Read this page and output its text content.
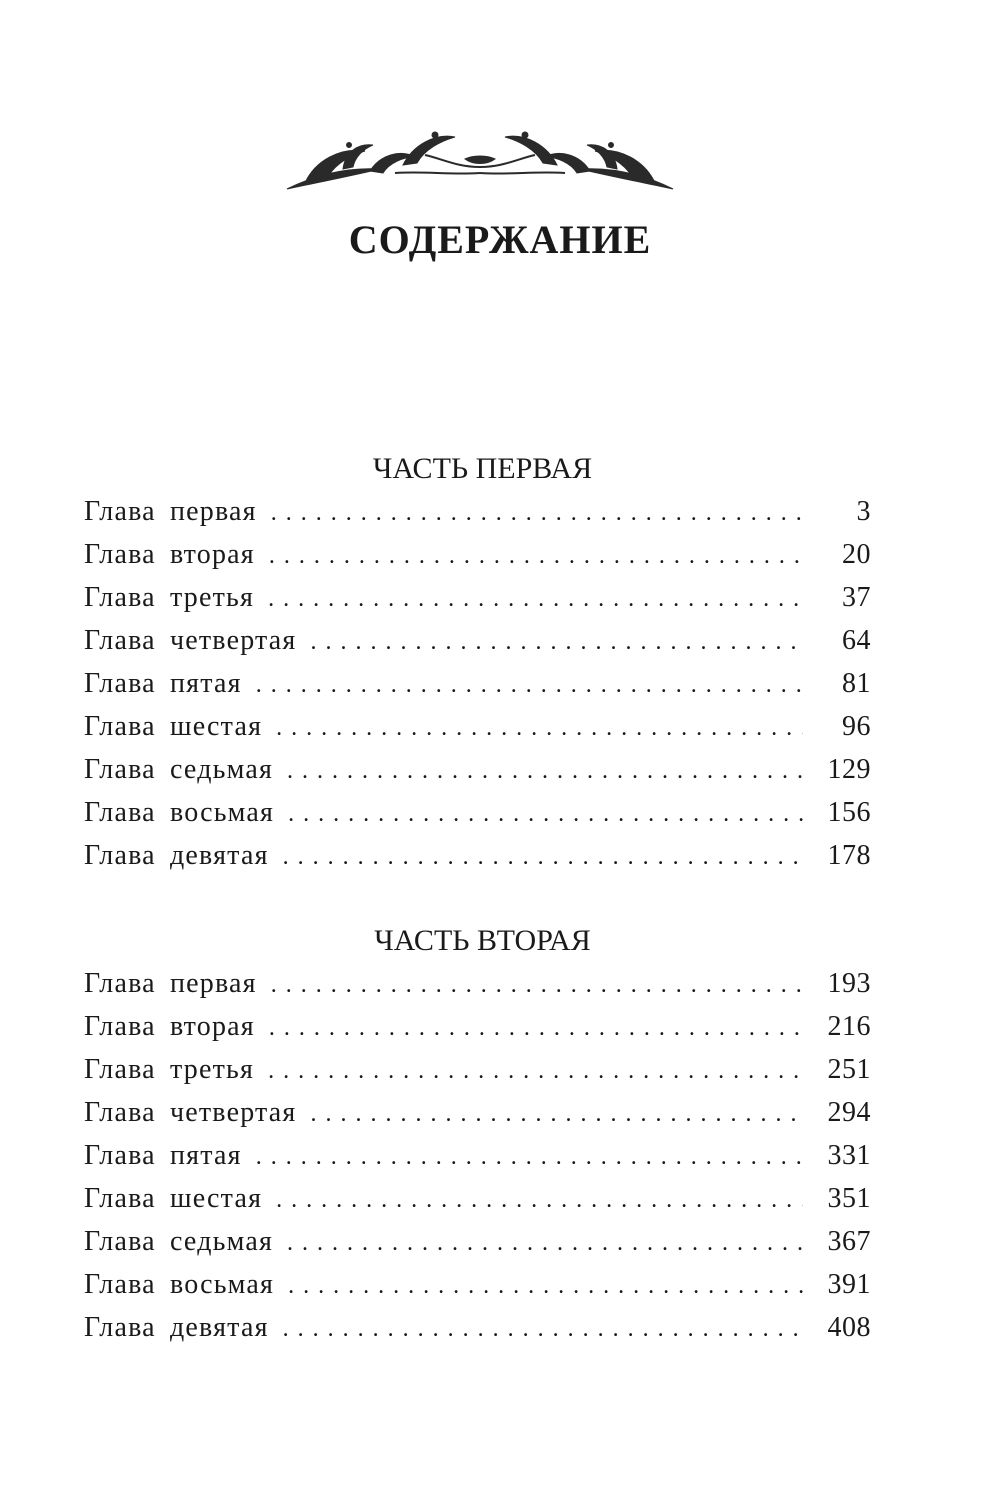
СОДЕРЖАНИЕ
ЧАСТЬ ПЕРВАЯ
Глава первая . . .	3
Глава вторая . . .	20
Глава третья . . .	37
Глава четвертая . . .	64
Глава пятая . . .	81
Глава шестая . . .	96
Глава седьмая . . .	129
Глава восьмая . . .	156
Глава девятая . . .	178
ЧАСТЬ ВТОРАЯ
Глава первая . . .	193
Глава вторая . . .	216
Глава третья . . .	251
Глава четвертая . . .	294
Глава пятая . . .	331
Глава шестая . . .	351
Глава седьмая . . .	367
Глава восьмая . . .	391
Глава девятая . . .	408
